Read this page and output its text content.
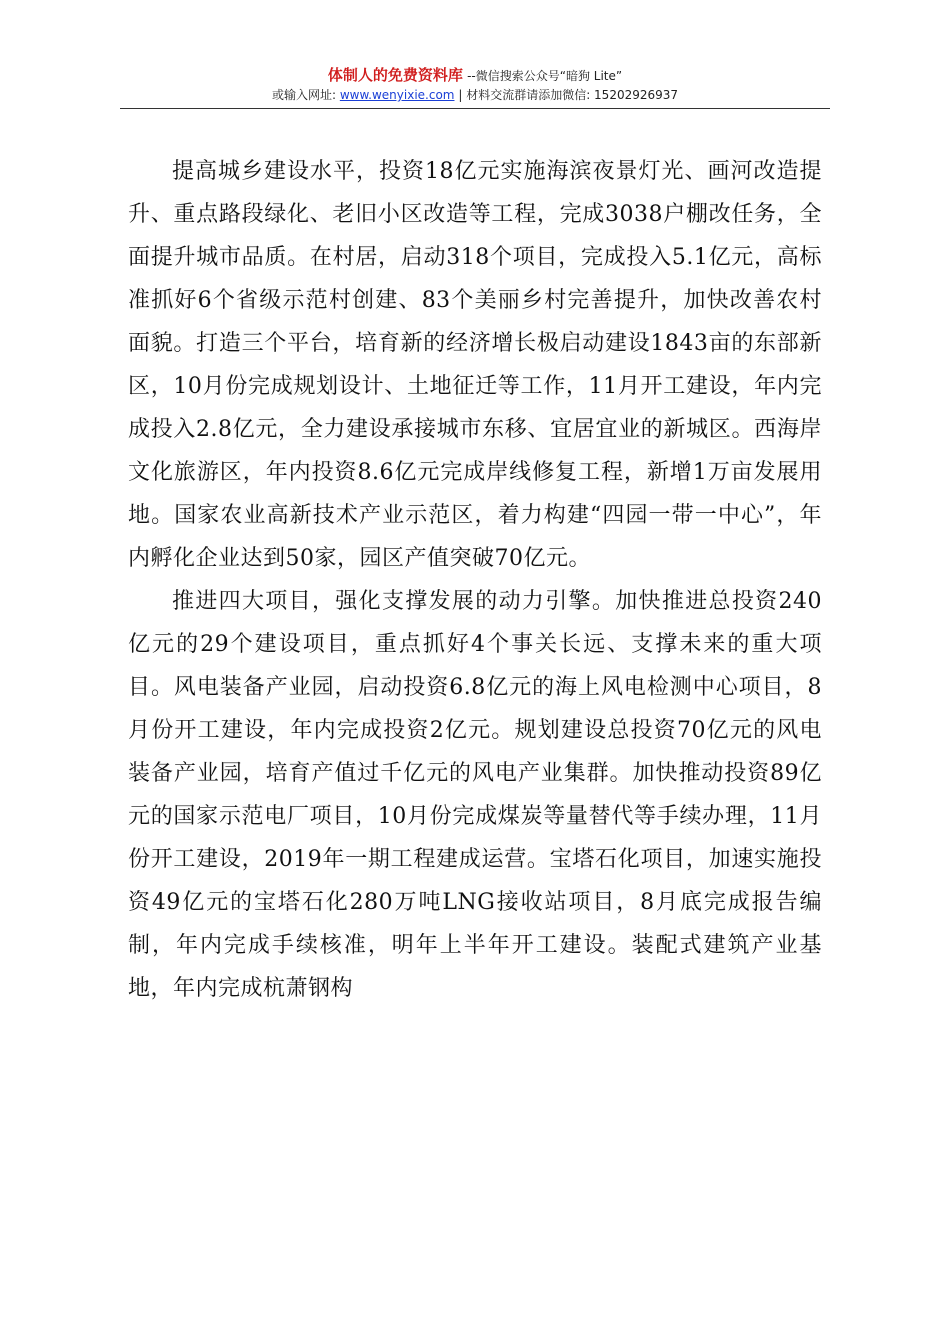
体制人的免费资料库 --微信搜索公众号“暗狗 Lite”
或输入网址: www.wenyixie.com | 材料交流群请添加微信: 15202926937

提高城乡建设水平，投资18亿元实施海滨夜景灯光、画河改造提升、重点路段绿化、老旧小区改造等工程，完成3038户棚改任务，全面提升城市品质。在村居，启动318个项目，完成投入5.1亿元，高标准抓好6个省级示范村创建、83个美丽乡村完善提升，加快改善农村面貌。打造三个平台，培育新的经济增长极启动建设1843亩的东部新区，10月份完成规划设计、土地征迁等工作，11月开工建设，年内完成投入2.8亿元，全力建设承接城市东移、宜居宜业的新城区。西海岸文化旅游区，年内投资8.6亿元完成岸线修复工程，新增1万亩发展用地。国家农业高新技术产业示范区，着力构建“四园一带一中心”，年内孵化企业达到50家，园区产值突破70亿元。

推进四大项目，强化支撑发展的动力引擎。加快推进总投资240亿元的29个建设项目，重点抓好4个事关长远、支撑未来的重大项目。风电装备产业园，启动投资6.8亿元的海上风电检测中心项目，8月份开工建设，年内完成投资2亿元。规划建设总投资70亿元的风电装备产业园，培育产值过千亿元的风电产业集群。加快推动投资89亿元的国家示范电厂项目，10月份完成煤炭等量替代等手续办理，11月份开工建设，2019年一期工程建成运营。宝塔石化项目，加速实施投资49亿元的宝塔石化280万吨LNG接收站项目，8月底完成报告编制，年内完成手续核准，明年上半年开工建设。装配式建筑产业基地，年内完成杭萧钢构
